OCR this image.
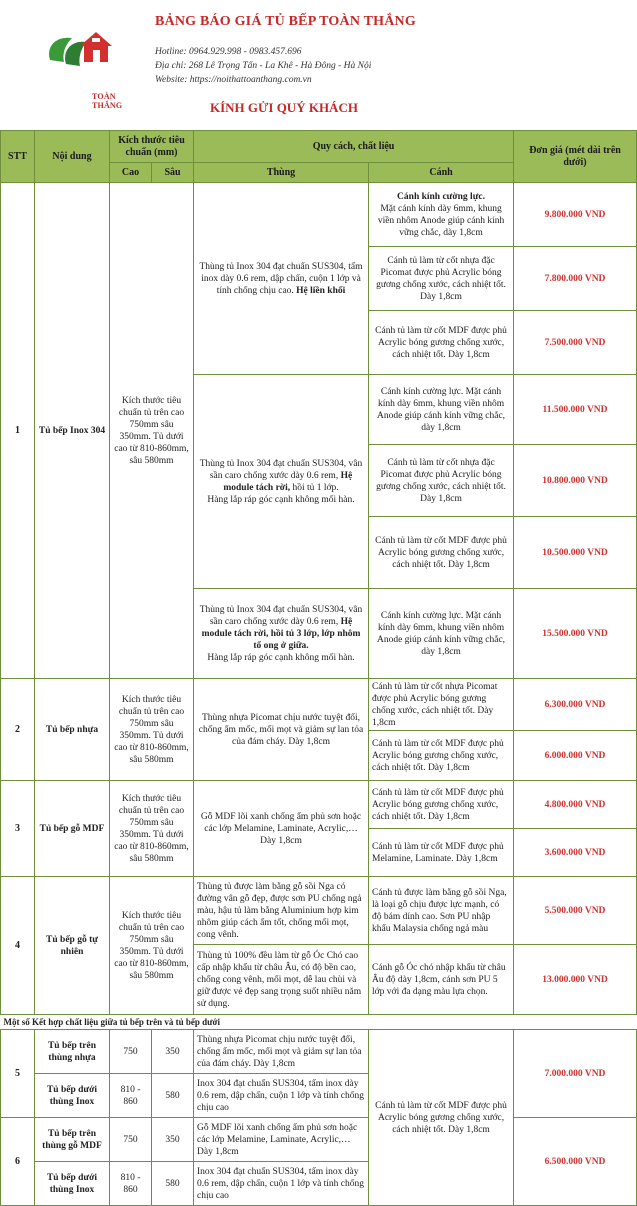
TOÀN THẮNG
BẢNG BÁO GIÁ TỦ BẾP TOÀN THẮNG
Hotline: 0964.929.998 - 0983.457.696
Địa chỉ: 268 Lê Trọng Tấn - La Khê - Hà Đông - Hà Nội
Website: https://noithattoanthang.com.vn
KÍNH GỬI QUÝ KHÁCH
STT	Nội dung	Kích thước tiêu chuẩn (mm)		Quy cách, chất liệu		Đơn giá (mét dài trên dưới)
		Cao	Sâu	Thùng	Cánh	
1	Tủ bếp Inox 304	Kích thước tiêu chuẩn tủ trên cao 750mm sâu 350mm. Tủ dưới cao từ 810-860mm, sâu 580mm		Thùng tủ Inox 304 đạt chuẩn SUS304, tấm inox dày 0.6 rem, dập chấn, cuộn 1 lớp và tính chống chịu cao. Hệ liền khối	Cánh kính cường lực.
Mặt cánh kính dày 6mm, khung viền nhôm Anode giúp cánh kính vững chắc, dày 1,8cm	9.800.000 VND
					Cánh tủ làm từ cốt nhựa đặc Picomat được phủ Acrylic bóng gương chống xước, cách nhiệt tốt. Dày 1,8cm	7.800.000 VND
					Cánh tủ làm từ cốt MDF được phủ Acrylic bóng gương chống xước, cách nhiệt tốt. Dày 1,8cm	7.500.000 VND
				Thùng tủ Inox 304 đạt chuẩn SUS304, vân sần caro chống xước dày 0.6 rem, Hệ module tách rời, hồi tủ 1 lớp.
Hàng lắp ráp góc cạnh không mối hàn.	Cánh kính cường lực. Mặt cánh kính dày 6mm, khung viền nhôm Anode giúp cánh kính vững chắc, dày 1,8cm	11.500.000 VND
					Cánh tủ làm từ cốt nhựa đặc Picomat được phủ Acrylic bóng gương chống xước, cách nhiệt tốt. Dày 1,8cm	10.800.000 VND
					Cánh tủ làm từ cốt MDF được phủ Acrylic bóng gương chống xước, cách nhiệt tốt. Dày 1,8cm	10.500.000 VND
				Thùng tủ Inox 304 đạt chuẩn SUS304, vân sần caro chống xước dày 0.6 rem, Hệ module tách rời, hồi tủ 3 lớp, lớp nhôm tổ ong ở giữa.
Hàng lắp ráp góc cạnh không mối hàn.	Cánh kính cường lực. Mặt cánh kính dày 6mm, khung viền nhôm Anode giúp cánh kính vững chắc, dày 1,8cm	15.500.000 VND
2	Tủ bếp nhựa	Kích thước tiêu chuẩn tủ trên cao 750mm sâu 350mm. Tủ dưới cao từ 810-860mm, sâu 580mm		Thùng nhựa Picomat chịu nước tuyệt đối, chống ẩm mốc, mối mọt và giảm sự lan tỏa của đám cháy. Dày 1,8cm	Cánh tủ làm từ cốt nhựa Picomat được phủ Acrylic bóng gương chống xước, cách nhiệt tốt. Dày 1,8cm	6.300.000 VND
					Cánh tủ làm từ cốt MDF được phủ Acrylic bóng gương chống xước, cách nhiệt tốt. Dày 1,8cm	6.000.000 VND
3	Tủ bếp gỗ MDF	Kích thước tiêu chuẩn tủ trên cao 750mm sâu 350mm. Tủ dưới cao từ 810-860mm, sâu 580mm		Gỗ MDF lõi xanh chống ẩm phủ sơn hoặc các lớp Melamine, Laminate, Acrylic,… Dày 1,8cm	Cánh tủ làm từ cốt MDF được phủ Acrylic bóng gương chống xước, cách nhiệt tốt. Dày 1,8cm	4.800.000 VND
					Cánh tủ làm từ cốt MDF được phủ Melamine, Laminate. Dày 1,8cm	3.600.000 VND
4	Tủ bếp gỗ tự nhiên	Kích thước tiêu chuẩn tủ trên cao 750mm sâu 350mm. Tủ dưới cao từ 810-860mm, sâu 580mm		Thùng tủ được làm bằng gỗ sồi Nga có đường vân gỗ đẹp, được sơn PU chống ngả màu, hậu tủ làm bằng Aluminium hợp kim nhôm giúp cách ẩm tốt, chống mối mọt, cong vênh.	Cánh tủ được làm bằng gỗ sồi Nga, là loại gỗ chịu được lực mạnh, có độ bám dính cao. Sơn PU nhập khẩu Malaysia chống ngả màu	5.500.000 VND
				Thùng tủ 100% đều làm từ gỗ Óc Chó cao cấp nhập khẩu từ châu Âu, có độ bền cao, chống cong vênh, mối mọt, dễ lau chùi và giữ được vẻ đẹp sang trọng suốt nhiều năm sử dụng.	Cánh gỗ Óc chó nhập khẩu từ châu Âu độ dày 1,8cm, cánh sơn PU 5 lớp với đa dạng màu lựa chọn.	13.000.000 VND
Một số Kết hợp chất liệu giữa tủ bếp trên và tủ bếp dưới						
5	Tủ bếp trên thùng nhựa	750	350	Thùng nhựa Picomat chịu nước tuyệt đối, chống ẩm mốc, mối mọt và giảm sự lan tỏa của đám cháy. Dày 1,8cm	Cánh tủ làm từ cốt MDF được phủ Acrylic bóng gương chống xước, cách nhiệt tốt. Dày 1,8cm	7.000.000 VND
	Tủ bếp dưới thùng Inox	810 - 860	580	Inox 304 đạt chuẩn SUS304, tấm inox dày 0.6 rem, dập chấn, cuộn 1 lớp và tính chống chịu cao		
6	Tủ bếp trên thùng gỗ MDF	750	350	Gỗ MDF lõi xanh chống ẩm phủ sơn hoặc các lớp Melamine, Laminate, Acrylic,… Dày 1,8cm		6.500.000 VND
	Tủ bếp dưới thùng Inox	810 - 860	580	Inox 304 đạt chuẩn SUS304, tấm inox dày 0.6 rem, dập chấn, cuộn 1 lớp và tính chống chịu cao		
